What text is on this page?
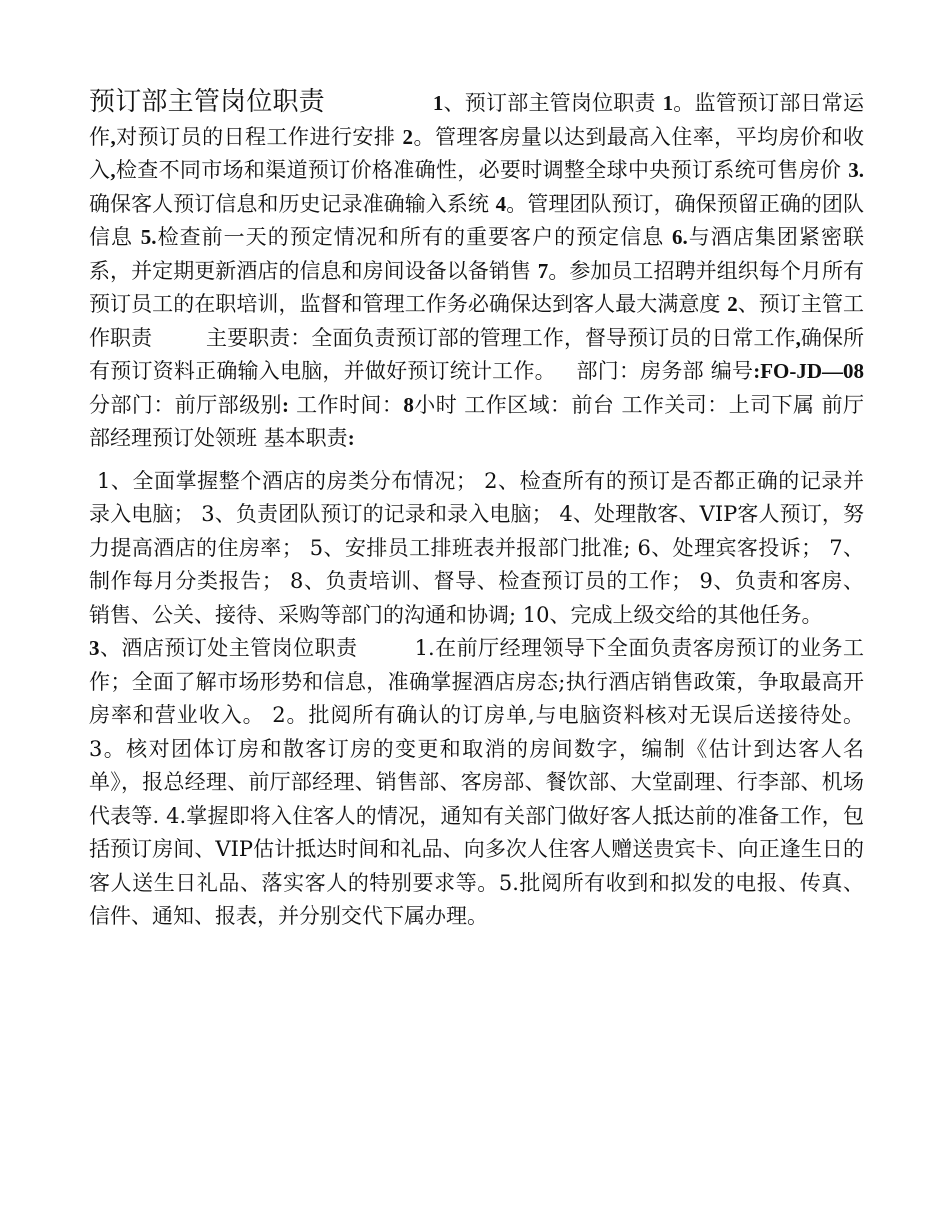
预订部主管岗位职责	1、预订部主管岗位职责 1。监管预订部日常运作,对预订员的日程工作进行安排 2。管理客房量以达到最高入住率，平均房价和收入,检查不同市场和渠道预订价格准确性，必要时调整全球中央预订系统可售房价 3.确保客人预订信息和历史记录准确输入系统 4。管理团队预订，确保预留正确的团队信息 5.检查前一天的预定情况和所有的重要客户的预定信息 6.与酒店集团紧密联系，并定期更新酒店的信息和房间设备以备销售 7。参加员工招聘并组织每个月所有预订员工的在职培训，监督和管理工作务必确保达到客人最大满意度 2、预订主管工作职责	主要职责：全面负责预订部的管理工作，督导预订员的日常工作,确保所有预订资料正确输入电脑，并做好预订统计工作。 部门：房务部 编号:FO-JD—08 分部门：前厅部级别: 工作时间：8小时 工作区域：前台 工作关司：上司下属 前厅部经理预订处领班 基本职责:

1、全面掌握整个酒店的房类分布情况； 2、检查所有的预订是否都正确的记录并录入电脑； 3、负责团队预订的记录和录入电脑； 4、处理散客、VIP客人预订，努力提高酒店的住房率； 5、安排员工排班表并报部门批准; 6、处理宾客投诉； 7、制作每月分类报告； 8、负责培训、督导、检查预订员的工作； 9、负责和客房、销售、公关、接待、采购等部门的沟通和协调; 10、完成上级交给的其他任务。

3、酒店预订处主管岗位职责	1.在前厅经理领导下全面负责客房预订的业务工作；全面了解市场形势和信息，准确掌握酒店房态;执行酒店销售政策，争取最高开房率和营业收入。 2。批阅所有确认的订房单,与电脑资料核对无误后送接待处。 3。核对团体订房和散客订房的变更和取消的房间数字，编制《估计到达客人名单》，报总经理、前厅部经理、销售部、客房部、餐饮部、大堂副理、行李部、机场代表等. 4.掌握即将入住客人的情况，通知有关部门做好客人抵达前的准备工作，包括预订房间、VIP估计抵达时间和礼品、向多次人住客人赠送贵宾卡、向正逢生日的客人送生日礼品、落实客人的特别要求等。5.批阅所有收到和拟发的电报、传真、信件、通知、报表，并分别交代下属办理。
